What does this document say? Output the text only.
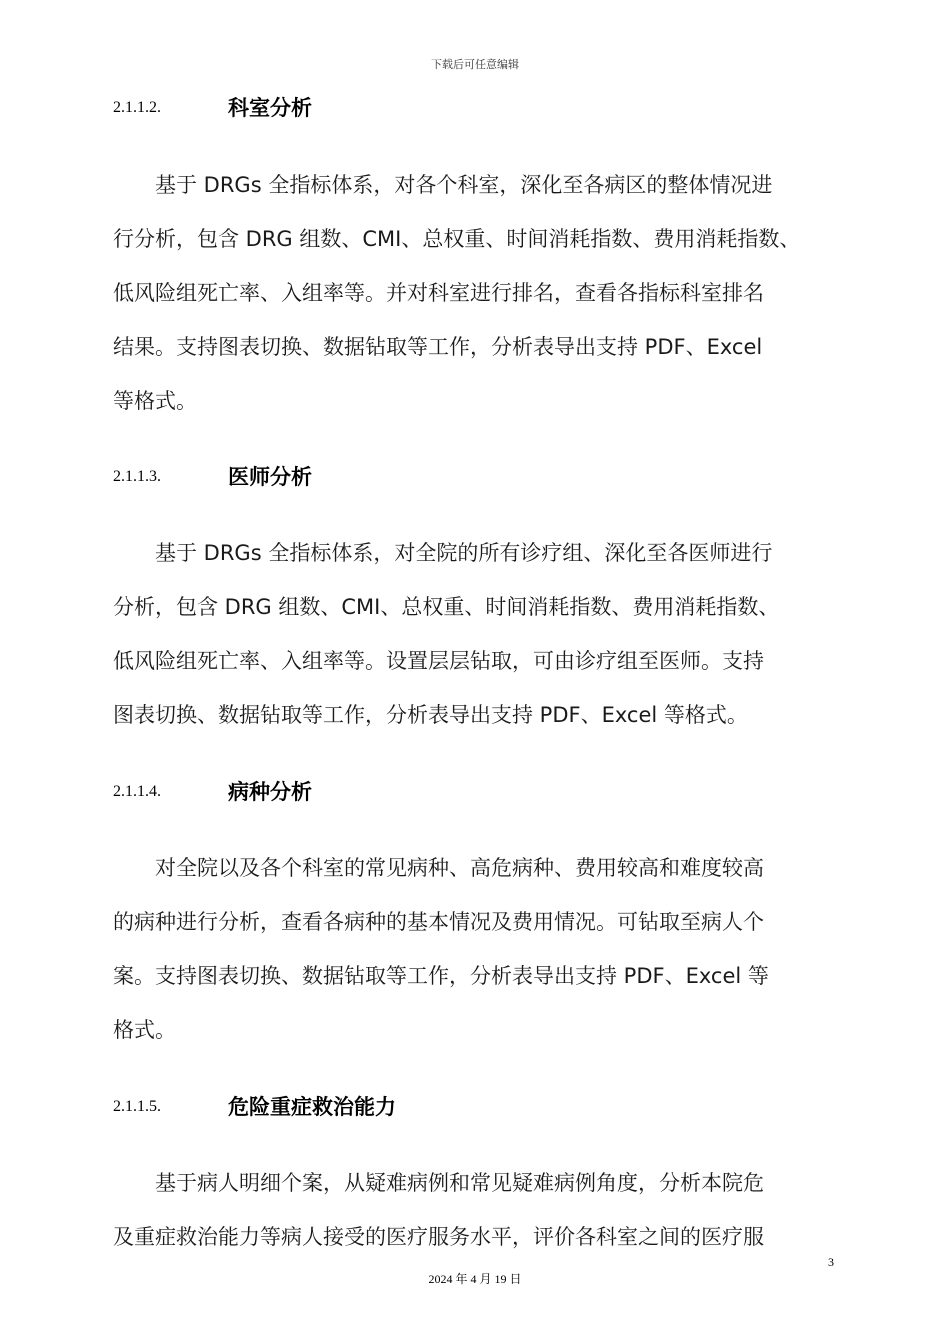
下载后可任意编辑
2.1.1.2.	科室分析
　　基于 DRGs 全指标体系，对各个科室，深化至各病区的整体情况进
行分析，包含 DRG 组数、CMI、总权重、时间消耗指数、费用消耗指数、
低风险组死亡率、入组率等。并对科室进行排名，查看各指标科室排名
结果。支持图表切换、数据钻取等工作，分析表导出支持 PDF、Excel
等格式。
2.1.1.3.	医师分析
　　基于 DRGs 全指标体系，对全院的所有诊疗组、深化至各医师进行
分析，包含 DRG 组数、CMI、总权重、时间消耗指数、费用消耗指数、
低风险组死亡率、入组率等。设置层层钻取，可由诊疗组至医师。支持
图表切换、数据钻取等工作，分析表导出支持 PDF、Excel 等格式。
2.1.1.4.	病种分析
　　对全院以及各个科室的常见病种、高危病种、费用较高和难度较高
的病种进行分析，查看各病种的基本情况及费用情况。可钻取至病人个
案。支持图表切换、数据钻取等工作，分析表导出支持 PDF、Excel 等
格式。
2.1.1.5.	危险重症救治能力
　　基于病人明细个案，从疑难病例和常见疑难病例角度，分析本院危
及重症救治能力等病人接受的医疗服务水平，评价各科室之间的医疗服
3
2024 年 4 月 19 日
